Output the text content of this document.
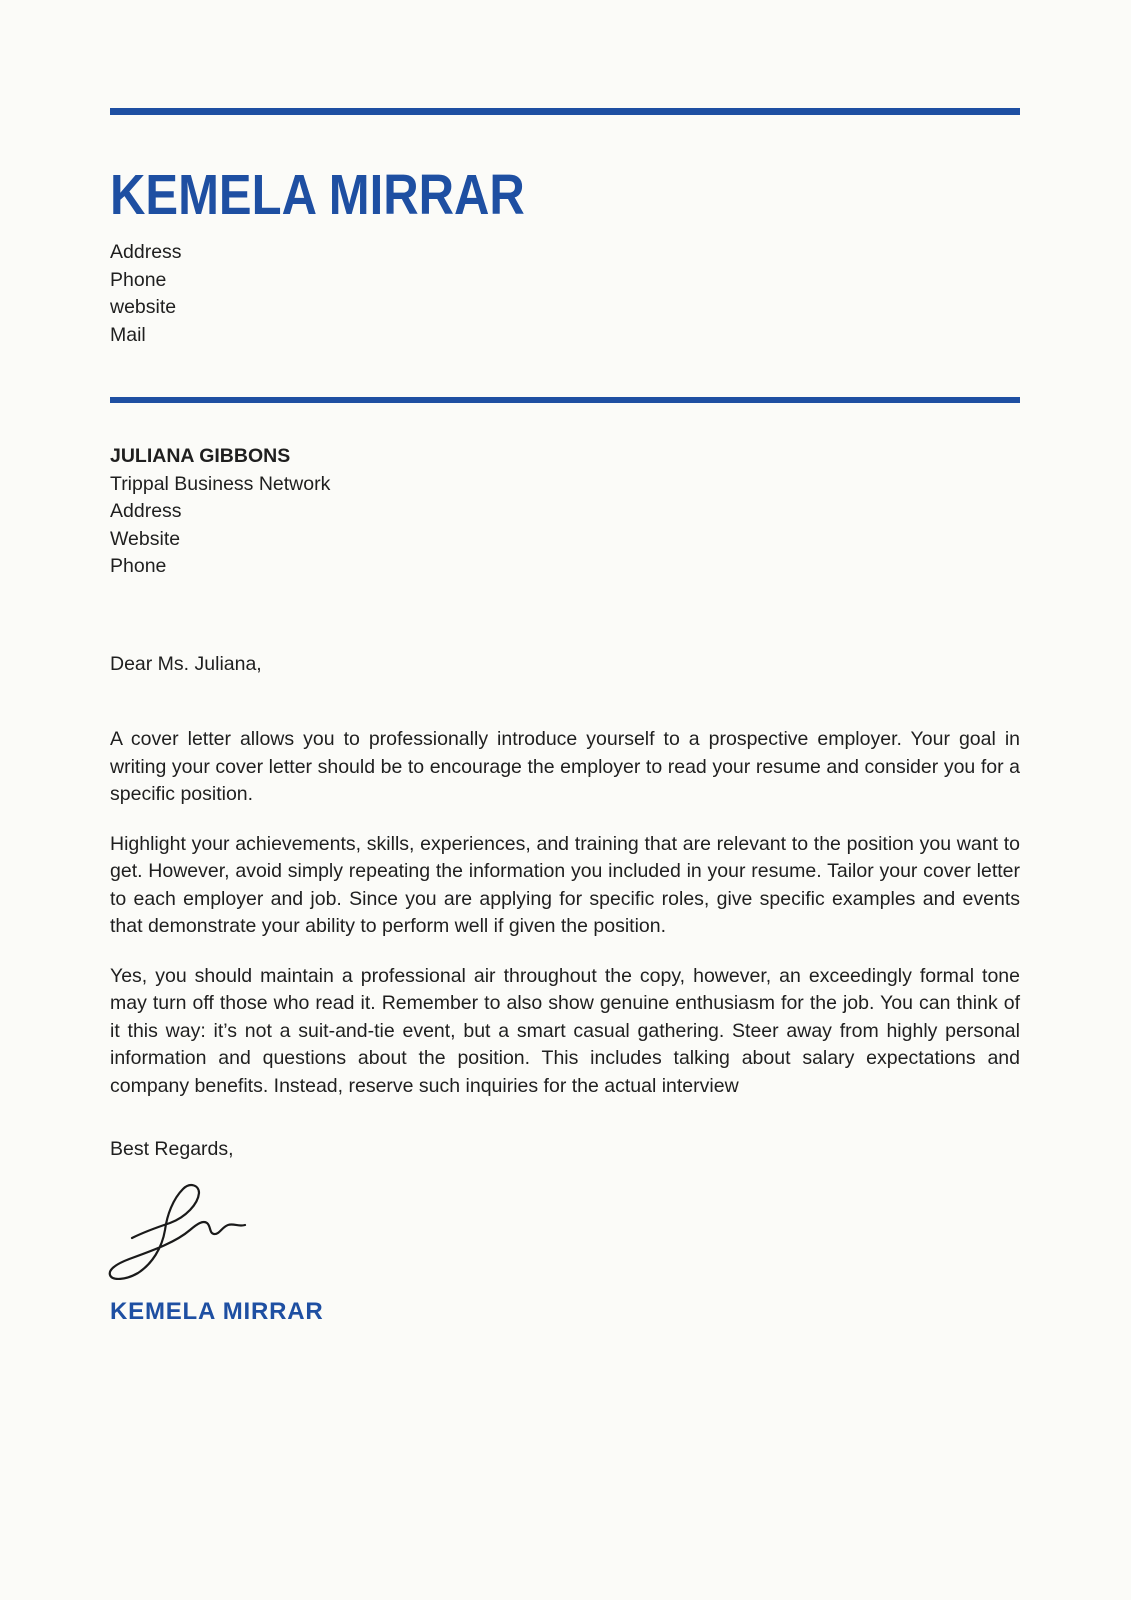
KEMELA MIRRAR
Address
Phone
website
Mail
JULIANA GIBBONS
Trippal Business Network
Address
Website
Phone

Dear Ms. Juliana,

A cover letter allows you to professionally introduce yourself to a prospective employer. Your goal in writing your cover letter should be to encourage the employer to read your resume and consider you for a specific position.

Highlight your achievements, skills, experiences, and training that are relevant to the position you want to get. However, avoid simply repeating the information you included in your resume. Tailor your cover letter to each employer and job. Since you are applying for specific roles, give specific examples and events that demonstrate your ability to perform well if given the position.

Yes, you should maintain a professional air throughout the copy, however, an exceedingly formal tone may turn off those who read it. Remember to also show genuine enthusiasm for the job. You can think of it this way: it’s not a suit-and-tie event, but a smart casual gathering. Steer away from highly personal information and questions about the position. This includes talking about salary expectations and company benefits. Instead, reserve such inquiries for the actual interview

Best Regards,

KEMELA MIRRAR
